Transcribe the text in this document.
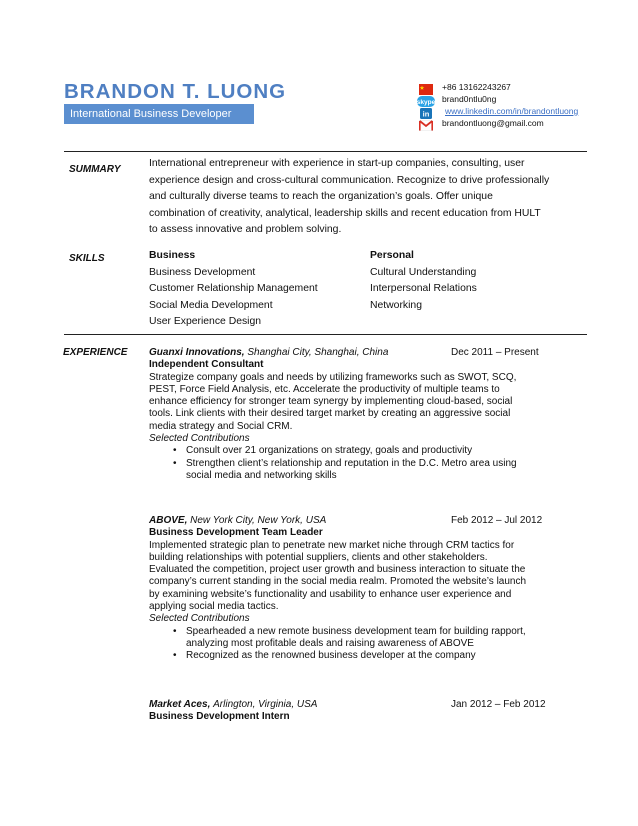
BRANDON T. LUONG
International Business Developer
+86 13162243267
skype brand0ntlu0ng
in www.linkedin.com/in/brandontluong
brandontluong@gmail.com
SUMMARY
International entrepreneur with experience in start-up companies, consulting, user
experience design and cross-cultural communication. Recognize to drive professionally
and culturally diverse teams to reach the organization’s goals. Offer unique
combination of creativity, analytical, leadership skills and recent education from HULT
to assess innovative and problem solving.
SKILLS	Business
Business Development
Customer Relationship Management
Social Media Development
User Experience Design
Personal
Cultural Understanding
Interpersonal Relations
Networking
EXPERIENCE Guanxi Innovations, Shanghai City, Shanghai, China
Independent Consultant
Strategize company goals and needs by utilizing frameworks such as SWOT, SCQ,
PEST, Force Field Analysis, etc. Accelerate the productivity of multiple teams to
enhance efficiency for stronger team synergy by implementing cloud-based, social
tools. Link clients with their desired target market by creating an aggressive social
media strategy and Social CRM.
Selected Contributions
• Consult over 21 organizations on strategy, goals and productivity
• Strengthen client’s relationship and reputation in the D.C. Metro area using
social media and networking skills
Dec 2011 – Present
ABOVE, New York City, New York, USA
Business Development Team Leader
Implemented strategic plan to penetrate new market niche through CRM tactics for
building relationships with potential suppliers, clients and other stakeholders.
Evaluated the competition, project user growth and business interaction to situate the
company’s current standing in the social media realm. Promoted the website’s launch
by examining website’s functionality and usability to enhance user experience and
applying social media tactics.
Selected Contributions
• Spearheaded a new remote business development team for building rapport,
analyzing most profitable deals and raising awareness of ABOVE
• Recognized as the renowned business developer at the company
Feb 2012 – Jul 2012
Market Aces, Arlington, Virginia, USA
Business Development Intern
Jan 2012 – Feb 2012
